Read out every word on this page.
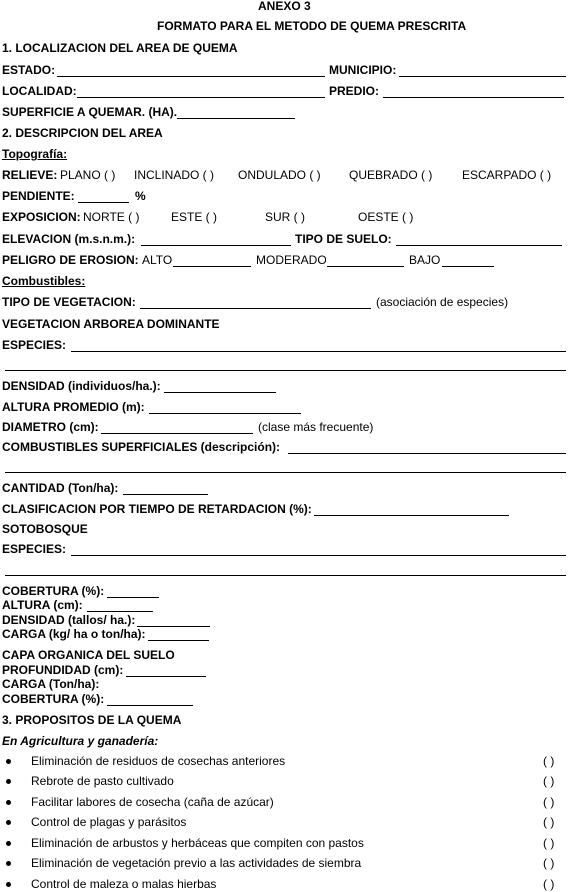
ANEXO 3
FORMATO PARA EL METODO DE QUEMA PRESCRITA
1. LOCALIZACION DEL AREA DE QUEMA
ESTADO:	MUNICIPIO:
LOCALIDAD:	PREDIO:
SUPERFICIE A QUEMAR. (HA).
2. DESCRIPCION DEL AREA
Topografía:
RELIEVE: PLANO ( ) INCLINADO ( ) ONDULADO ( ) QUEBRADO ( ) ESCARPADO ( )
PENDIENTE:	%
EXPOSICION: NORTE ( )	ESTE ( )	SUR ( )	OESTE ( )
ELEVACION (m.s.n.m.):	TIPO DE SUELO:
PELIGRO DE EROSION: ALTO	MODERADO	BAJO
Combustibles:
TIPO DE VEGETACION:	(asociación de especies)
VEGETACION ARBOREA DOMINANTE
ESPECIES:
DENSIDAD (individuos/ha.):
ALTURA PROMEDIO (m):
DIAMETRO (cm):	(clase más frecuente)
COMBUSTIBLES SUPERFICIALES (descripción):
CANTIDAD (Ton/ha):
CLASIFICACION POR TIEMPO DE RETARDACION (%):
SOTOBOSQUE
ESPECIES:
COBERTURA (%):
ALTURA (cm):
DENSIDAD (tallos/ ha.):
CARGA (kg/ ha o ton/ha):
CAPA ORGANICA DEL SUELO
PROFUNDIDAD (cm):
CARGA (Ton/ha):
COBERTURA (%):
3. PROPOSITOS DE LA QUEMA
En Agricultura y ganadería:
Eliminación de residuos de cosechas anteriores	( )
Rebrote de pasto cultivado	( )
Facilitar labores de cosecha (caña de azúcar)	( )
Control de plagas y parásitos	( )
Eliminación de arbustos y herbáceas que compiten con pastos	( )
Eliminación de vegetación previo a las actividades de siembra	( )
Control de maleza o malas hierbas	( )
